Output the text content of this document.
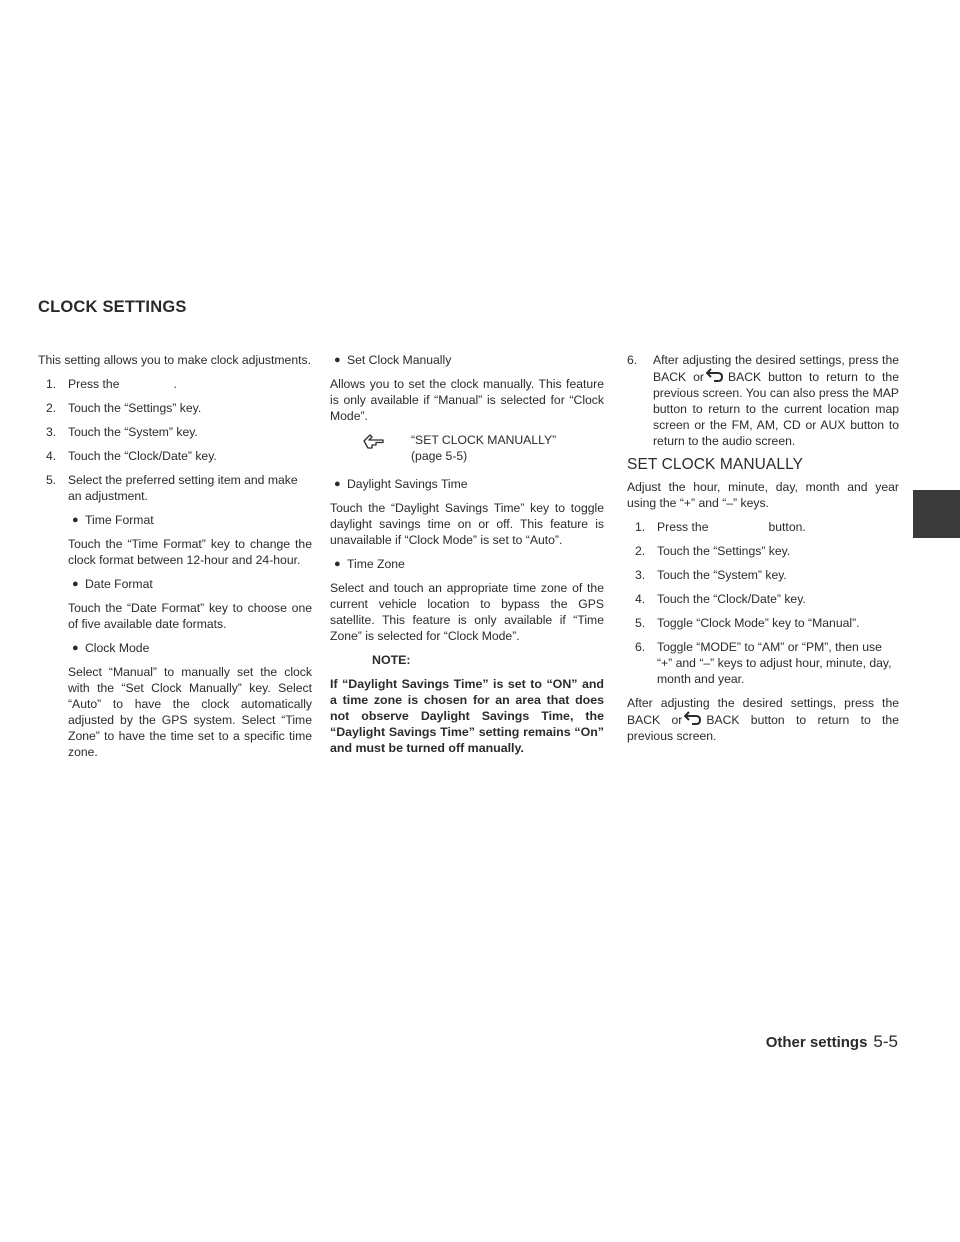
CLOCK SETTINGS

This setting allows you to make clock adjustments.

1. Press the	.
2. Touch the “Settings” key.
3. Touch the “System” key.
4. Touch the “Clock/Date” key.
5. Select the preferred setting item and make an adjustment.
● Time Format

Touch the “Time Format” key to change the clock format between 12-hour and 24-hour.

● Date Format

Touch the “Date Format” key to choose one of five available date formats.

● Clock Mode

Select “Manual” to manually set the clock with the “Set Clock Manually” key. Select “Auto” to have the clock automatically adjusted by the GPS system. Select “Time Zone” to have the time set to a specific time zone.

● Set Clock Manually

Allows you to set the clock manually. This feature is only available if “Manual” is selected for “Clock Mode”.

“SET CLOCK MANUALLY”
(page 5-5)
● Daylight Savings Time

Touch the “Daylight Savings Time” key to toggle daylight savings time on or off. This feature is unavailable if “Clock Mode” is set to “Auto”.

● Time Zone

Select and touch an appropriate time zone of the current vehicle location to bypass the GPS satellite. This feature is only available if “Time Zone” is selected for “Clock Mode”.

NOTE:

If “Daylight Savings Time” is set to “ON” and a time zone is chosen for an area that does not observe Daylight Savings Time, the “Daylight Savings Time” setting remains “On” and must be turned off manually.

6. After adjusting the desired settings, press the BACK or BACK button to return to the previous screen. You can also press the MAP button to return to the current location map screen or the FM, AM, CD or AUX button to return to the audio screen.
SET CLOCK MANUALLY

Adjust the hour, minute, day, month and year using the “+” and “–” keys.

1. Press the	button.
2. Touch the “Settings” key.
3. Touch the “System” key.
4. Touch the “Clock/Date” key.
5. Toggle “Clock Mode” key to “Manual”.
6. Toggle “MODE” to “AM” or “PM”, then use “+” and “–” keys to adjust hour, minute, day, month and year.

After adjusting the desired settings, press the BACK or BACK button to return to the previous screen.

Other settings 5-5
